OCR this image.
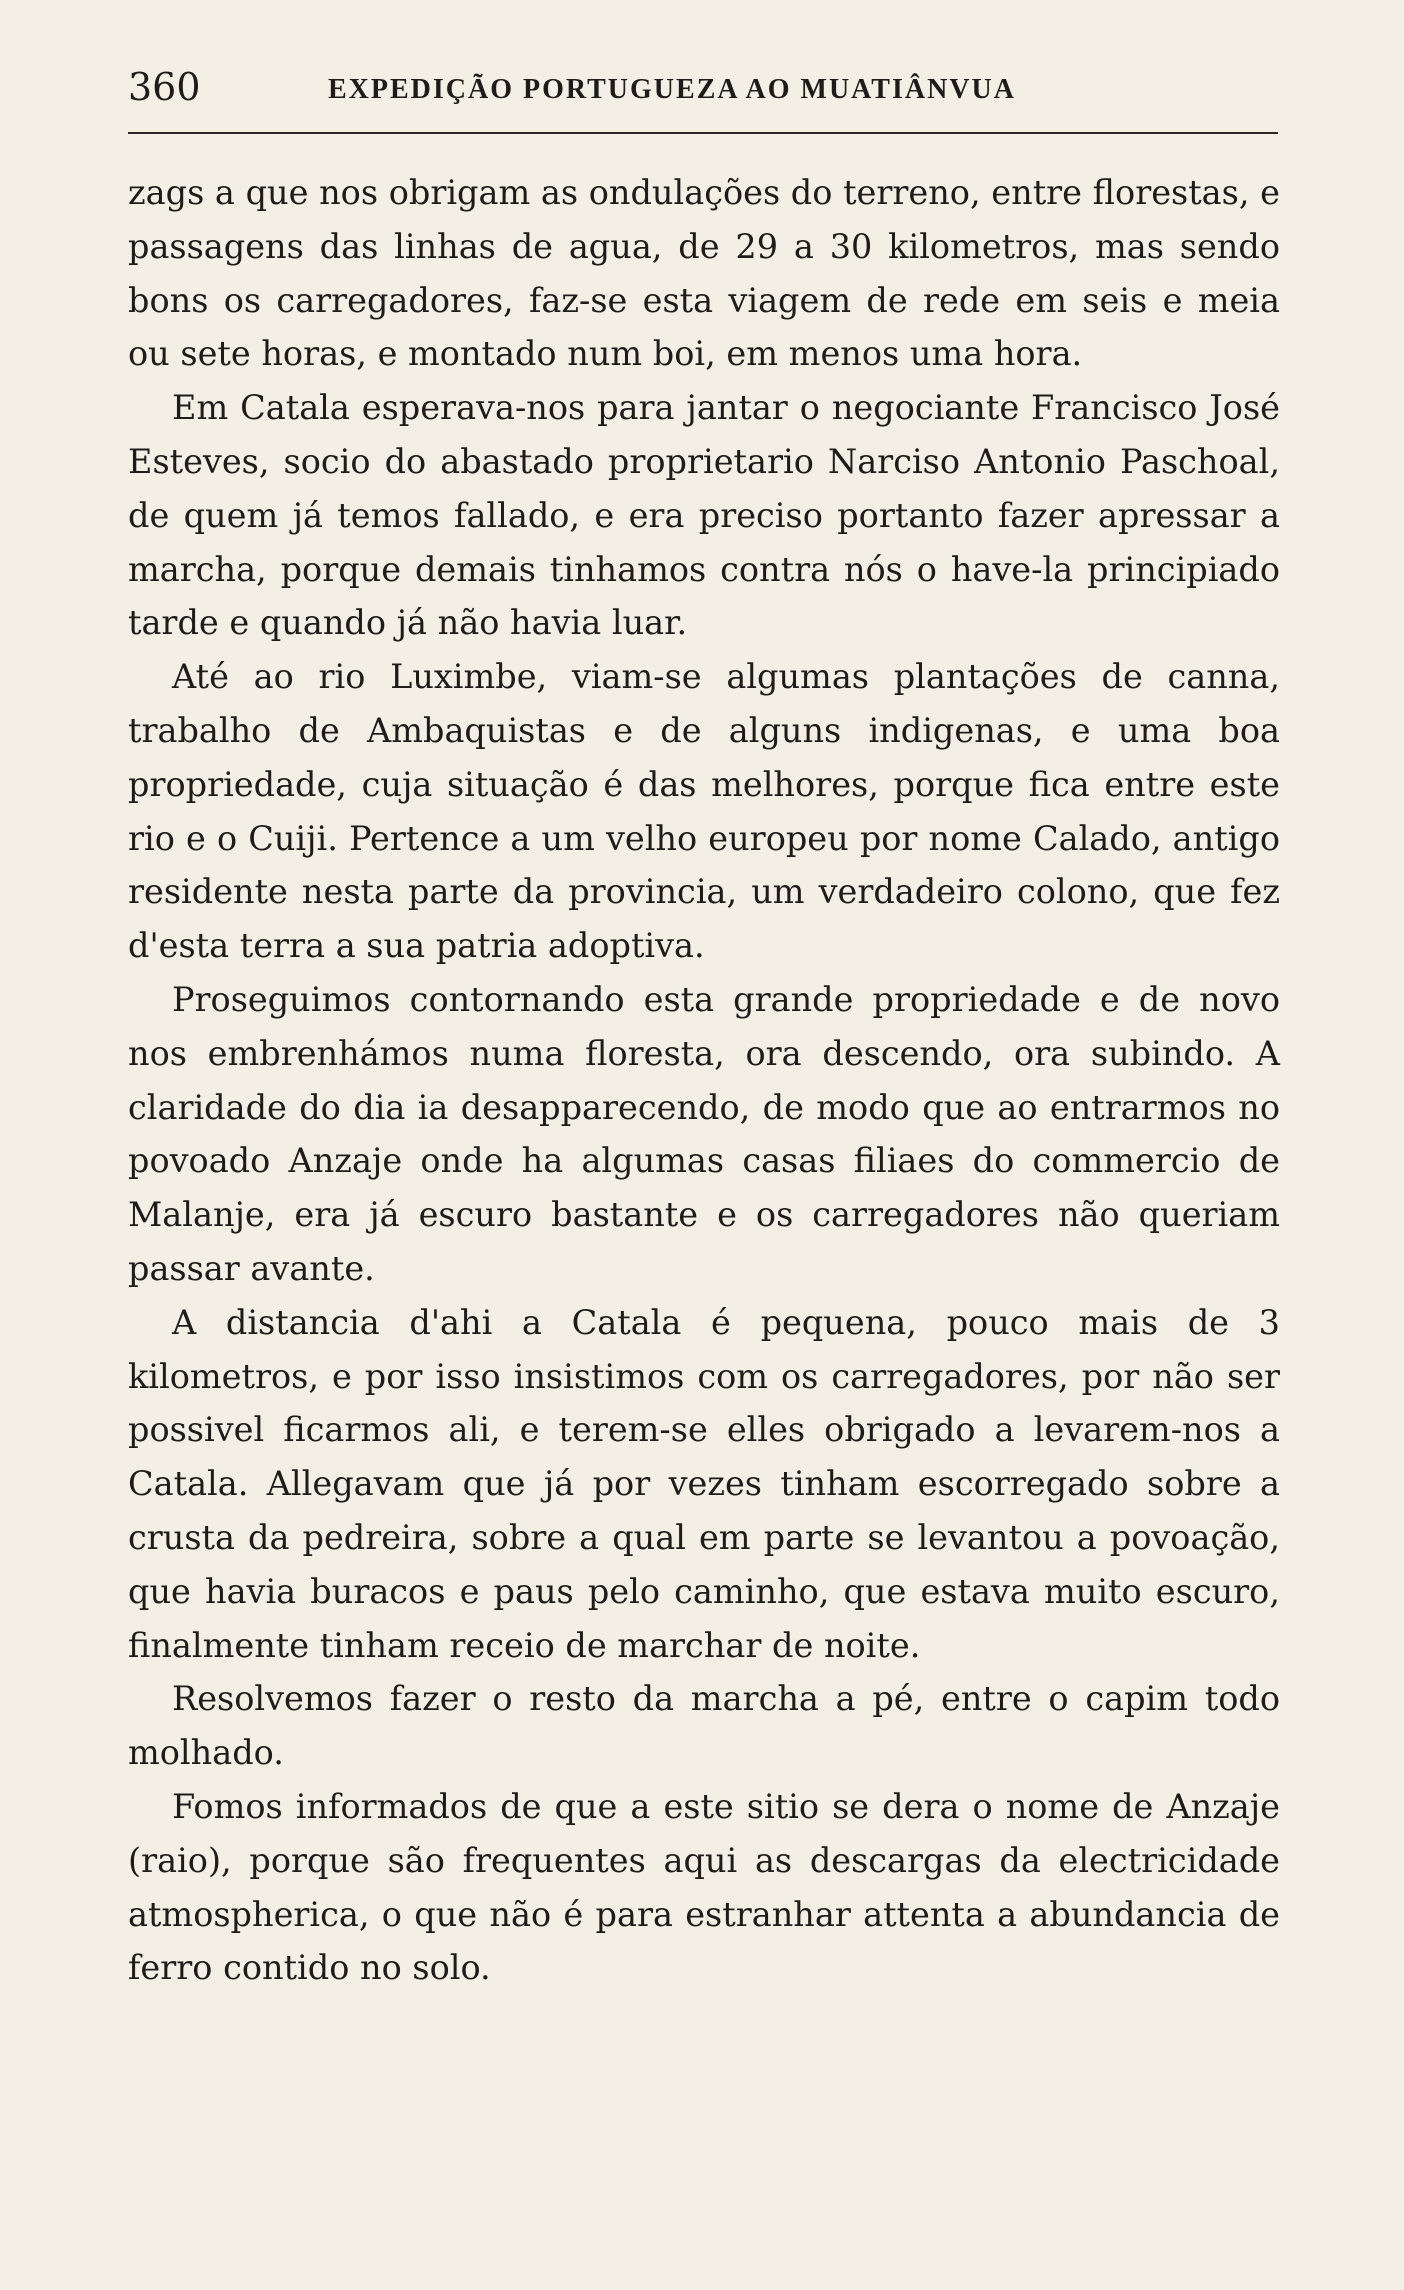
360	EXPEDIÇÃO PORTUGUEZA AO MUATIÂNVUA

zags a que nos obrigam as ondulações do terreno, entre florestas, e passagens das linhas de agua, de 29 a 30 kilometros, mas sendo bons os carregadores, faz-se esta viagem de rede em seis e meia ou sete horas, e montado num boi, em menos uma hora.

Em Catala esperava-nos para jantar o negociante Francisco José Esteves, socio do abastado proprietario Narciso Antonio Paschoal, de quem já temos fallado, e era preciso portanto fazer apressar a marcha, porque demais tinhamos contra nós o have-la principiado tarde e quando já não havia luar.

Até ao rio Luximbe, viam-se algumas plantações de canna, trabalho de Ambaquistas e de alguns indigenas, e uma boa propriedade, cuja situação é das melhores, porque fica entre este rio e o Cuiji. Pertence a um velho europeu por nome Calado, antigo residente nesta parte da provincia, um verdadeiro colono, que fez d'esta terra a sua patria adoptiva.

Proseguimos contornando esta grande propriedade e de novo nos embrenhámos numa floresta, ora descendo, ora subindo. A claridade do dia ia desapparecendo, de modo que ao entrarmos no povoado Anzaje onde ha algumas casas filiaes do commercio de Malanje, era já escuro bastante e os carregadores não queriam passar avante.

A distancia d'ahi a Catala é pequena, pouco mais de 3 kilometros, e por isso insistimos com os carregadores, por não ser possivel ficarmos ali, e terem-se elles obrigado a levarem-nos a Catala. Allegavam que já por vezes tinham escorregado sobre a crusta da pedreira, sobre a qual em parte se levantou a povoação, que havia buracos e paus pelo caminho, que estava muito escuro, finalmente tinham receio de marchar de noite.

Resolvemos fazer o resto da marcha a pé, entre o capim todo molhado.

Fomos informados de que a este sitio se dera o nome de Anzaje (raio), porque são frequentes aqui as descargas da electricidade atmospherica, o que não é para estranhar attenta a abundancia de ferro contido no solo.
